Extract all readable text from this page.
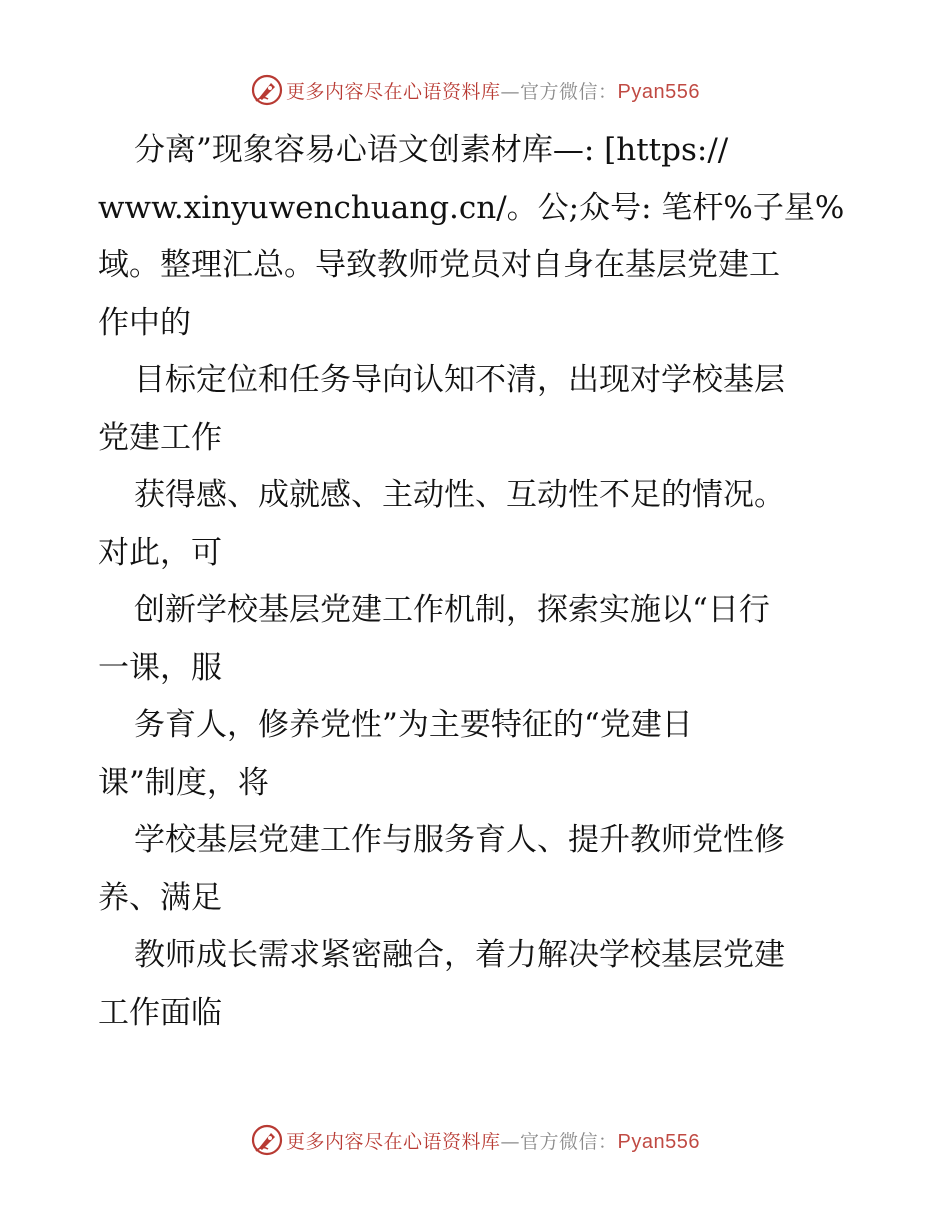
更多内容尽在心语资料库—官方微信：Pyan556
分离”现象容易心语文创素材库—: [https://
www.xinyuwenchuang.cn/。公;众号: 笔杆%子星%
域。整理汇总。导致教师党员对自身在基层党建工
作中的
目标定位和任务导向认知不清，出现对学校基层
党建工作
获得感、成就感、主动性、互动性不足的情况。
对此，可
创新学校基层党建工作机制，探索实施以“日行
一课，服
务育人，修养党性”为主要特征的“党建日
课”制度，将
学校基层党建工作与服务育人、提升教师党性修
养、满足
教师成长需求紧密融合，着力解决学校基层党建
工作面临
更多内容尽在心语资料库—官方微信：Pyan556
